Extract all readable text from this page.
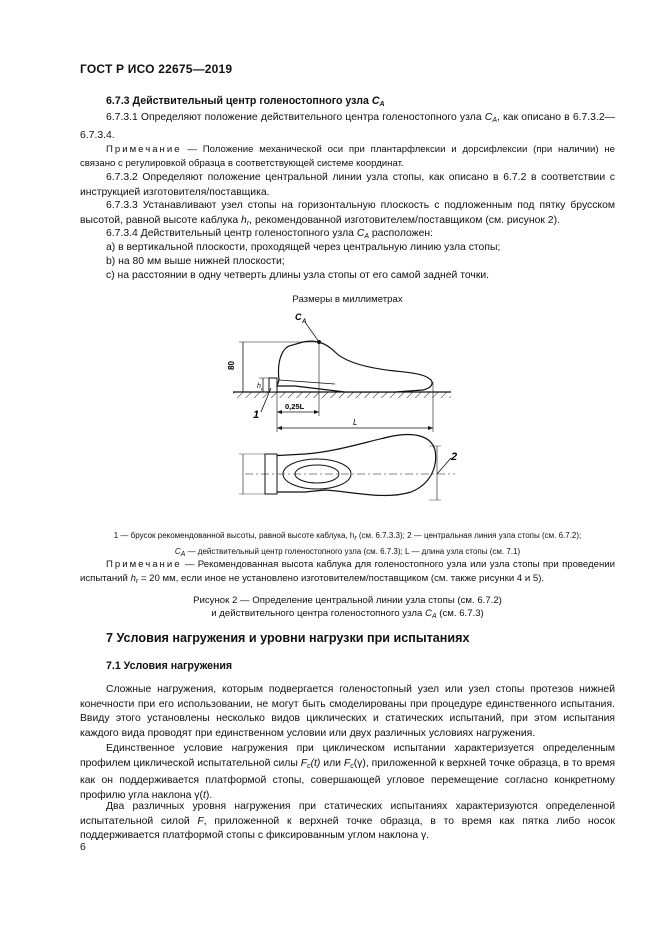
ГОСТ Р ИСО 22675—2019
6.7.3 Действительный центр голеностопного узла $C_A$
6.7.3.1 Определяют положение действительного центра голеностопного узла $C_A$, как описано в 6.7.3.2—6.7.3.4.
Примечание — Положение механической оси при плантарфлексии и дорсифлексии (при наличии) не связано с регулировкой образца в соответствующей системе координат.
6.7.3.2 Определяют положение центральной линии узла стопы, как описано в 6.7.2 в соответствии с инструкцией изготовителя/поставщика.
6.7.3.3 Устанавливают узел стопы на горизонтальную плоскость с подложенным под пятку брусском высотой, равной высоте каблука $h_r$, рекомендованной изготовителем/поставщиком (см. рисунок 2).
6.7.3.4 Действительный центр голеностопного узла $C_A$ расположен:
a) в вертикальной плоскости, проходящей через центральную линию узла стопы;
b) на 80 мм выше нижней плоскости;
c) на расстоянии в одну четверть длины узла стопы от его самой задней точки.
Размеры в миллиметрах
80
h r
C A
0,25L
L
1
2
1 — брусок рекомендованной высоты, равной высоте каблука, hr (см. 6.7.3.3); 2 — центральная линия узла стопы (см. 6.7.2);
CA — действительный центр голеностопного узла (см. 6.7.3); L — длина узла стопы (см. 7.1)
Примечание — Рекомендованная высота каблука для голеностопного узла или узла стопы при проведении испытаний $h_r = 20$ мм, если иное не установлено изготовителем/поставщиком (см. также рисунки 4 и 5).
Рисунок 2 — Определение центральной линии узла стопы (см. 6.7.2)
и действительного центра голеностопного узла $C_A$ (см. 6.7.3)
7 Условия нагружения и уровни нагрузки при испытаниях
7.1 Условия нагружения
Сложные нагружения, которым подвергается голеностопный узел или узел стопы протезов нижней конечности при его использовании, не могут быть смоделированы при процедуре единственного испытания. Ввиду этого установлены несколько видов циклических и статических испытаний, при этом испытания каждого вида проводят при единственном условии или двух различных условиях нагружения.
Единственное условие нагружения при циклическом испытании характеризуется определенным профилем циклической испытательной силы $F_c(t)$ или $F_c(\gamma)$, приложенной к верхней точке образца, в то время как он поддерживается платформой стопы, совершающей угловое перемещение согласно конкретному профилю угла наклона γ(t).
Два различных уровня нагружения при статических испытаниях характеризуются определенной испытательной силой F, приложенной к верхней точке образца, в то время как пятка либо носок поддерживается платформой стопы с фиксированным углом наклона γ.
6
